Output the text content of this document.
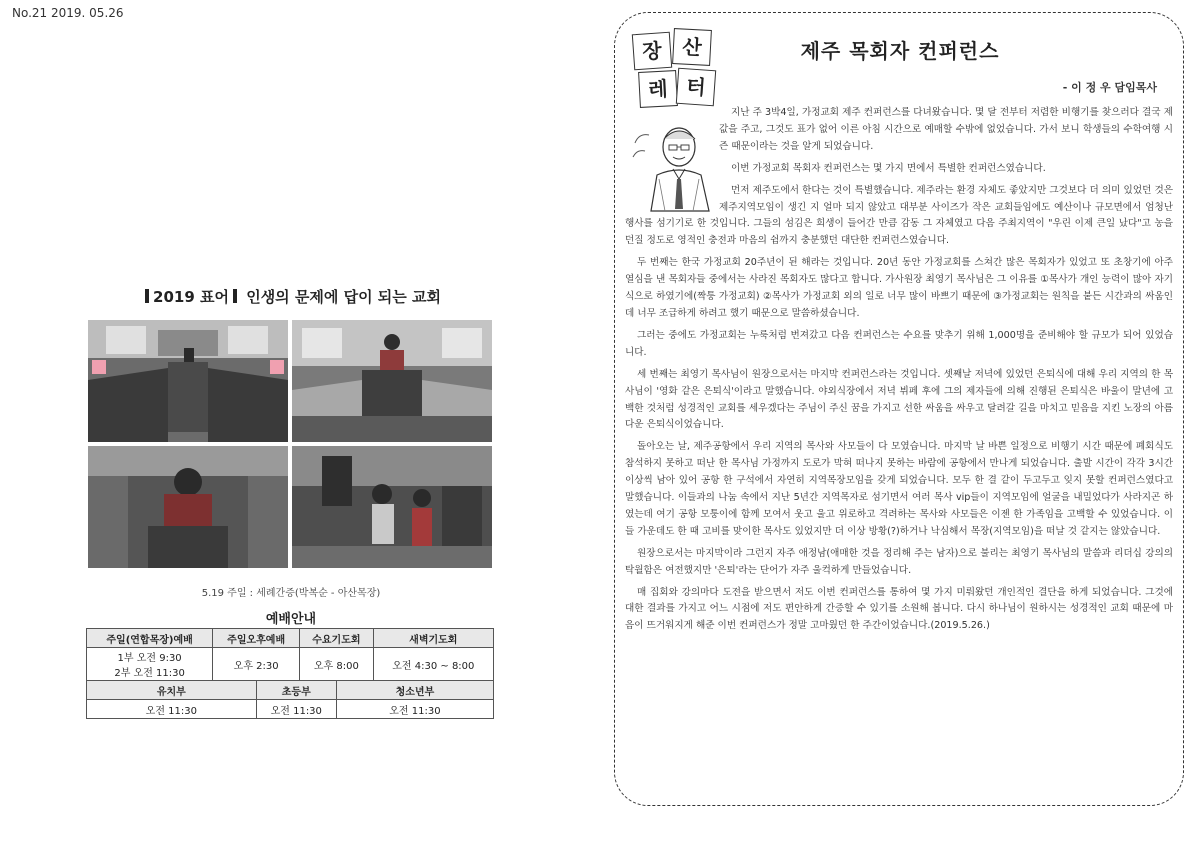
No.21 2019. 05.26
2019 표어 인생의 문제에 답이 되는 교회
5.19 주일 : 세례간증(박복순 - 아산목장)
예배안내
주일(연합목장)예배	주일오후예배		수요기도회		새벽기도회

1부 오전 9:30
2부 오전 11:30	오후 2:30		오후 8:00		오전 4:30 ~ 8:00
유치부		초등부		청소년부	
오전 11:30		오전 11:30		오전 11:30	

지난 주 3박4일, 가정교회 제주 컨퍼런스를 다녀왔습니다. 몇 달 전부터 저렴한 비행기를 찾으러다 결국 제값을 주고, 그것도 표가 없어 이른 아침 시간으로 예매할 수밖에 없었습니다. 가서 보니 학생들의 수학여행 시즌 때문이라는 것을 알게 되었습니다.

이번 가정교회 목회자 컨퍼런스는 몇 가지 면에서 특별한 컨퍼런스였습니다.

먼저 제주도에서 한다는 것이 특별했습니다. 제주라는 환경 자체도 좋았지만 그것보다 더 의미 있었던 것은 제주지역모임이 생긴 지 얼마 되지 않았고 대부분 사이즈가 작은 교회들임에도 예산이나 규모면에서 엄청난 행사를 섬기기로 한 것입니다. 그들의 섬김은 희생이 들어간 만큼 감동 그 자체였고 다음 주최지역이 "우린 이제 큰일 났다"고 농을 던질 정도로 영적인 충전과 마음의 쉼까지 충분했던 대단한 컨퍼런스였습니다.

두 번째는 한국 가정교회 20주년이 된 해라는 것입니다. 20년 동안 가정교회를 스쳐간 많은 목회자가 있었고 또 초창기에 아주 열심을 낸 목회자들 중에서는 사라진 목회자도 많다고 합니다. 가사원장 최영기 목사님은 그 이유를 ①목사가 개인 능력이 많아 자기 식으로 하였기에(짝퉁 가정교회) ②목사가 가정교회 외의 일로 너무 많이 바쁘기 때문에 ③가정교회는 원칙을 붙든 시간과의 싸움인데 너무 조급하게 하려고 했기 때문으로 말씀하셨습니다.

그러는 중에도 가정교회는 누룩처럼 번져갔고 다음 컨퍼런스는 수요를 맞추기 위해 1,000명을 준비해야 할 규모가 되어 있었습니다.

세 번째는 최영기 목사님이 원장으로서는 마지막 컨퍼런스라는 것입니다. 셋째날 저녁에 있었던 은퇴식에 대해 우리 지역의 한 목사님이 '영화 같은 은퇴식'이라고 말했습니다. 야외식장에서 저녁 뷔페 후에 그의 제자들에 의해 진행된 은퇴식은 바울이 말년에 고백한 것처럼 성경적인 교회를 세우겠다는 주님이 주신 꿈을 가지고 선한 싸움을 싸우고 달려갈 길을 마치고 믿음을 지킨 노장의 아름다운 은퇴식이었습니다.

돌아오는 날, 제주공항에서 우리 지역의 목사와 사모들이 다 모였습니다. 마지막 날 바쁜 일정으로 비행기 시간 때문에 폐회식도 참석하지 못하고 떠난 한 목사님 가정까지 도로가 막혀 떠나지 못하는 바람에 공항에서 만나게 되었습니다. 출발 시간이 각각 3시간 이상씩 남아 있어 공항 한 구석에서 자연히 지역목장모임을 갖게 되었습니다. 모두 한 결 같이 두고두고 잊지 못할 컨퍼런스였다고 말했습니다. 이들과의 나눔 속에서 지난 5년간 지역목자로 섬기면서 여러 목사 vip들이 지역모임에 얼굴을 내밀었다가 사라지곤 하였는데 여기 공항 모퉁이에 함께 모여서 웃고 울고 위로하고 격려하는 목사와 사모들은 이젠 한 가족임을 고백할 수 있었습니다. 이들 가운데도 한 때 고비를 맞이한 목사도 있었지만 더 이상 방황(?)하거나 낙심해서 목장(지역모임)을 떠날 것 같지는 않았습니다.

원장으로서는 마지막이라 그런지 자주 애정남(애매한 것을 정리해 주는 남자)으로 불리는 최영기 목사님의 말씀과 리더십 강의의 탁월함은 여전했지만 '은퇴'라는 단어가 자주 울컥하게 만들었습니다.

매 집회와 강의마다 도전을 받으면서 저도 이번 컨퍼런스를 통하여 몇 가지 미뤄왔던 개인적인 결단을 하게 되었습니다. 그것에 대한 결과를 가지고 어느 시점에 저도 편안하게 간증할 수 있기를 소원해 봅니다. 다시 하나님이 원하시는 성경적인 교회 때문에 마음이 뜨거워지게 해준 이번 컨퍼런스가 정말 고마웠던 한 주간이었습니다.(2019.5.26.)

장 산
레 터
제주 목회자 컨퍼런스
- 이 정 우 담임목사
